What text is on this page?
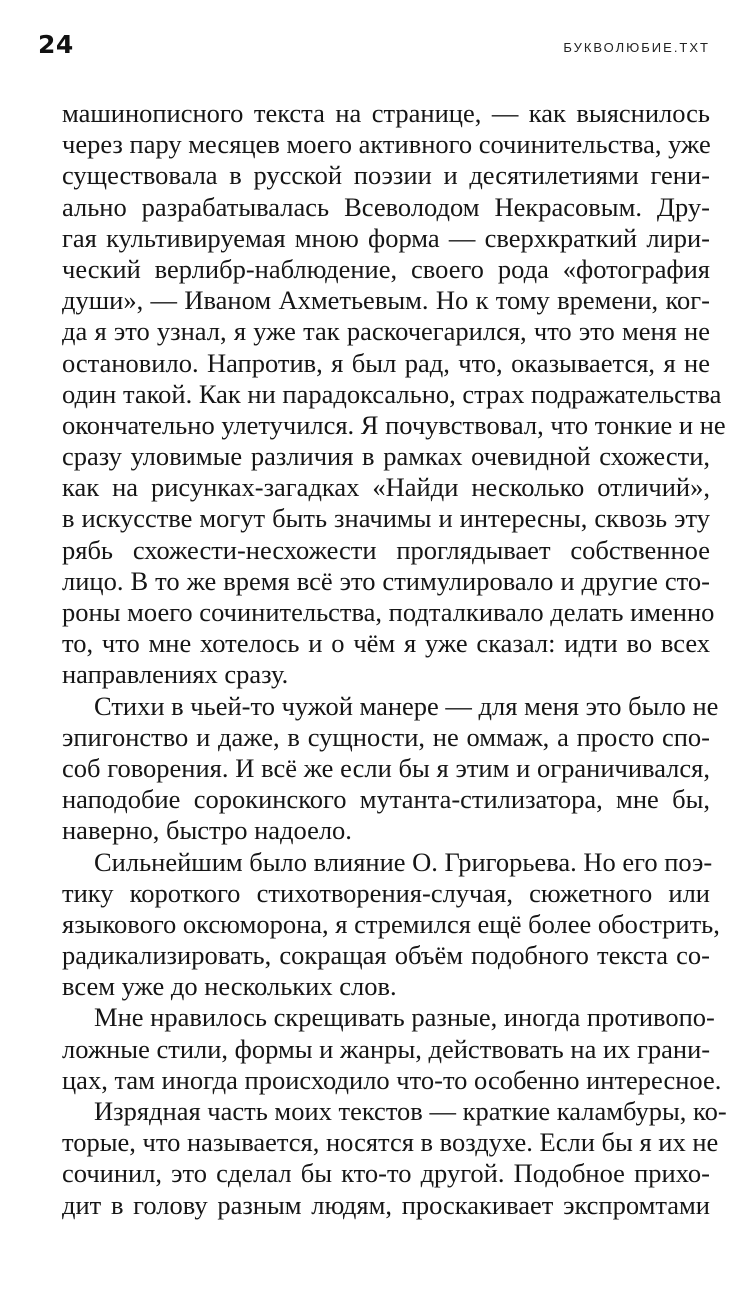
24	БУКВОЛЮБИЕ.ТХТ
машинописного текста на странице, — как выяснилось
через пару месяцев моего активного сочинительства, уже
существовала в русской поэзии и десятилетиями гени-
ально разрабатывалась Всеволодом Некрасовым. Дру-
гая культивируемая мною форма — сверхкраткий лири-
ческий верлибр-наблюдение, своего рода «фотография
души», — Иваном Ахметьевым. Но к тому времени, ког-
да я это узнал, я уже так раскочегарился, что это меня не
остановило. Напротив, я был рад, что, оказывается, я не
один такой. Как ни парадоксально, страх подражательства
окончательно улетучился. Я почувствовал, что тонкие и не
сразу уловимые различия в рамках очевидной схожести,
как на рисунках-загадках «Найди несколько отличий»,
в искусстве могут быть значимы и интересны, сквозь эту
рябь схожести-несхожести проглядывает собственное
лицо. В то же время всё это стимулировало и другие сто-
роны моего сочинительства, подталкивало делать именно
то, что мне хотелось и о чём я уже сказал: идти во всех
направлениях сразу.
Стихи в чьей-то чужой манере — для меня это было не
эпигонство и даже, в сущности, не оммаж, а просто спо-
соб говорения. И всё же если бы я этим и ограничивался,
наподобие сорокинского мутанта-стилизатора, мне бы,
наверно, быстро надоело.
Сильнейшим было влияние О. Григорьева. Но его поэ-
тику короткого стихотворения-случая, сюжетного или
языкового оксюморона, я стремился ещё более обострить,
радикализировать, сокращая объём подобного текста со-
всем уже до нескольких слов.
Мне нравилось скрещивать разные, иногда противопо-
ложные стили, формы и жанры, действовать на их грани-
цах, там иногда происходило что-то особенно интересное.
Изрядная часть моих текстов — краткие каламбуры, ко-
торые, что называется, носятся в воздухе. Если бы я их не
сочинил, это сделал бы кто-то другой. Подобное прихо-
дит в голову разным людям, проскакивает экспромтами
